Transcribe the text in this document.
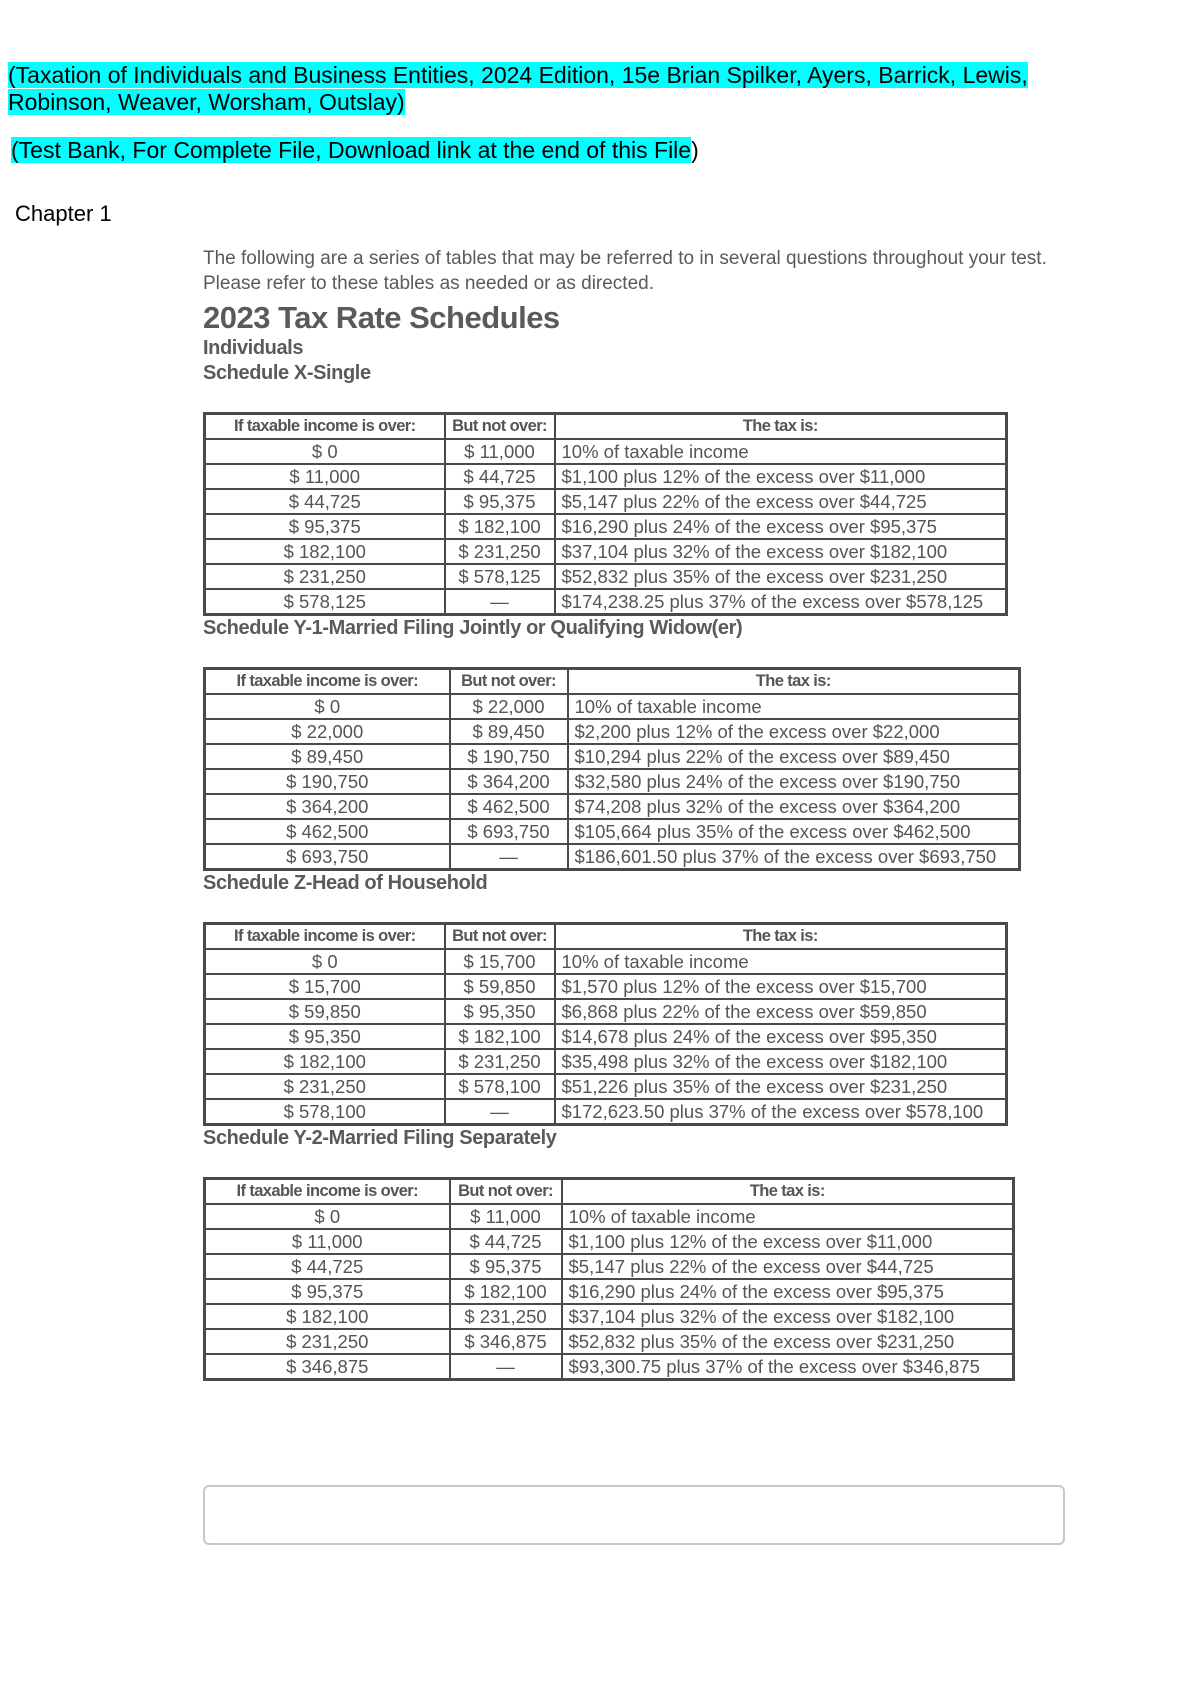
(Taxation of Individuals and Business Entities, 2024 Edition, 15e Brian Spilker, Ayers, Barrick, Lewis,
Robinson, Weaver, Worsham, Outslay)
(Test Bank, For Complete File, Download link at the end of this File)
Chapter 1
The following are a series of tables that may be referred to in several questions throughout your test. Please refer to these tables as needed or as directed.
2023 Tax Rate Schedules
Individuals
Schedule X-Single
If taxable income is over:	But not over:	The tax is:
$ 0	$ 11,000	10% of taxable income
$ 11,000	$ 44,725	$1,100 plus 12% of the excess over $11,000
$ 44,725	$ 95,375	$5,147 plus 22% of the excess over $44,725
$ 95,375	$ 182,100	$16,290 plus 24% of the excess over $95,375
$ 182,100	$ 231,250	$37,104 plus 32% of the excess over $182,100
$ 231,250	$ 578,125	$52,832 plus 35% of the excess over $231,250
$ 578,125	—	$174,238.25 plus 37% of the excess over $578,125
Schedule Y-1-Married Filing Jointly or Qualifying Widow(er)
If taxable income is over:	But not over:	The tax is:
$ 0	$ 22,000	10% of taxable income
$ 22,000	$ 89,450	$2,200 plus 12% of the excess over $22,000
$ 89,450	$ 190,750	$10,294 plus 22% of the excess over $89,450
$ 190,750	$ 364,200	$32,580 plus 24% of the excess over $190,750
$ 364,200	$ 462,500	$74,208 plus 32% of the excess over $364,200
$ 462,500	$ 693,750	$105,664 plus 35% of the excess over $462,500
$ 693,750	—	$186,601.50 plus 37% of the excess over $693,750
Schedule Z-Head of Household
If taxable income is over:	But not over:	The tax is:
$ 0	$ 15,700	10% of taxable income
$ 15,700	$ 59,850	$1,570 plus 12% of the excess over $15,700
$ 59,850	$ 95,350	$6,868 plus 22% of the excess over $59,850
$ 95,350	$ 182,100	$14,678 plus 24% of the excess over $95,350
$ 182,100	$ 231,250	$35,498 plus 32% of the excess over $182,100
$ 231,250	$ 578,100	$51,226 plus 35% of the excess over $231,250
$ 578,100	—	$172,623.50 plus 37% of the excess over $578,100
Schedule Y-2-Married Filing Separately
If taxable income is over:	But not over:	The tax is:
$ 0	$ 11,000	10% of taxable income
$ 11,000	$ 44,725	$1,100 plus 12% of the excess over $11,000
$ 44,725	$ 95,375	$5,147 plus 22% of the excess over $44,725
$ 95,375	$ 182,100	$16,290 plus 24% of the excess over $95,375
$ 182,100	$ 231,250	$37,104 plus 32% of the excess over $182,100
$ 231,250	$ 346,875	$52,832 plus 35% of the excess over $231,250
$ 346,875	—	$93,300.75 plus 37% of the excess over $346,875
